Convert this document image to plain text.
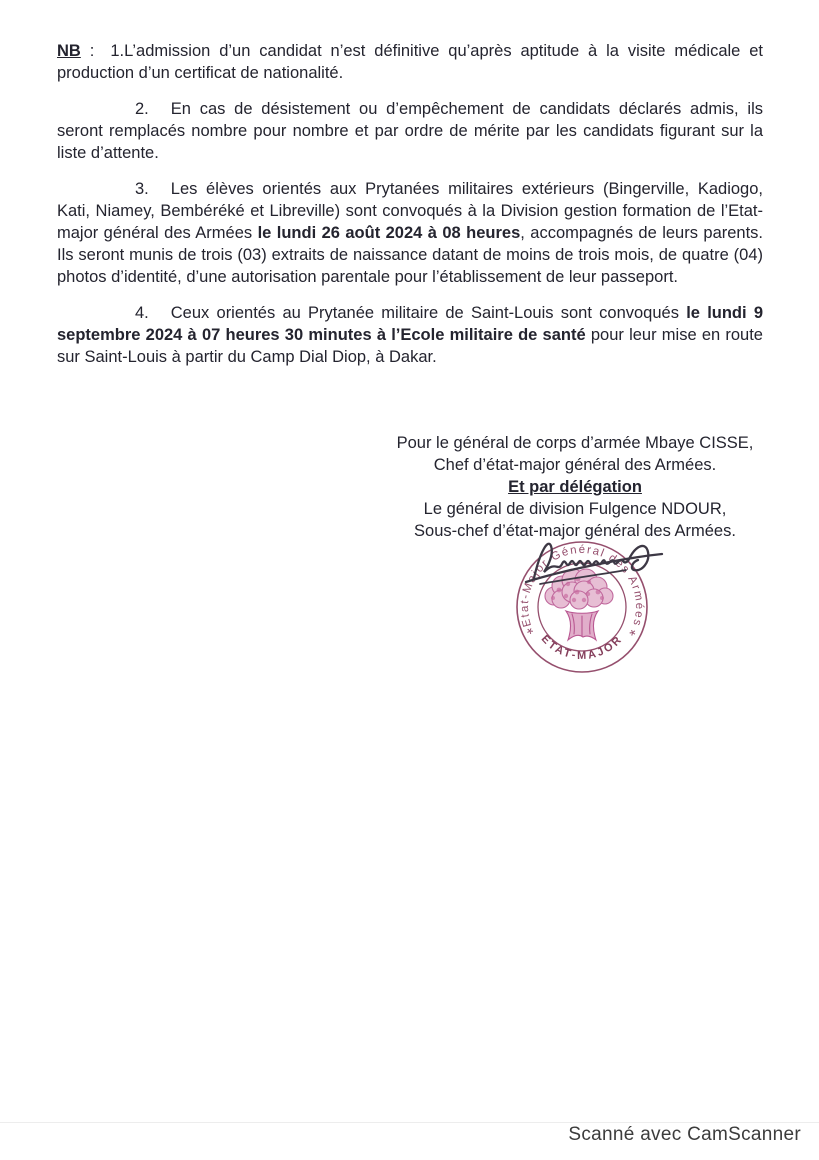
NB : 1.L’admission d’un candidat n’est définitive qu’après aptitude à la visite médicale et production d’un certificat de nationalité.

2. En cas de désistement ou d’empêchement de candidats déclarés admis, ils seront remplacés nombre pour nombre et par ordre de mérite par les candidats figurant sur la liste d’attente.

3. Les élèves orientés aux Prytanées militaires extérieurs (Bingerville, Kadiogo, Kati, Niamey, Bembéréké et Libreville) sont convoqués à la Division gestion formation de l’Etat-major général des Armées le lundi 26 août 2024 à 08 heures, accompagnés de leurs parents. Ils seront munis de trois (03) extraits de naissance datant de moins de trois mois, de quatre (04) photos d’identité, d’une autorisation parentale pour l’établissement de leur passeport.

4. Ceux orientés au Prytanée militaire de Saint-Louis sont convoqués le lundi 9 septembre 2024 à 07 heures 30 minutes à l’Ecole militaire de santé pour leur mise en route sur Saint-Louis à partir du Camp Dial Diop, à Dakar.

Pour le général de corps d’armée Mbaye CISSE,

Chef d’état-major général des Armées.

Et par délégation

Le général de division Fulgence NDOUR,

Sous-chef d’état-major général des Armées.

Etat-Major Général des Armées
ETAT-MAJOR
*	*
Scanné avec CamScanner
